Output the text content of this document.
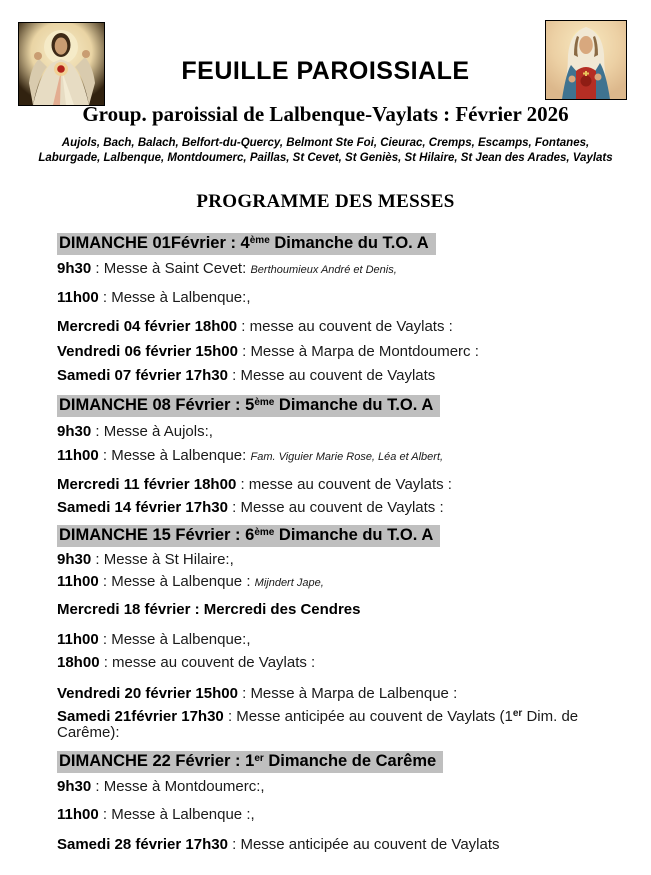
FEUILLE PAROISSIALE
Group. paroissial de Lalbenque-Vaylats : Février 2026
Aujols, Bach, Balach, Belfort-du-Quercy, Belmont Ste Foi, Cieurac, Cremps, Escamps, Fontanes,
Laburgade, Lalbenque, Montdoumerc, Paillas, St Cevet, St Geniès, St Hilaire, St Jean des Arades, Vaylats
PROGRAMME DES MESSES

DIMANCHE 01Février : 4ème Dimanche du T.O. A

9h30 : Messe à Saint Cevet: Berthoumieux André et Denis,

11h00 : Messe à Lalbenque:,

Mercredi 04 février 18h00 : messe au couvent de Vaylats :

Vendredi 06 février 15h00 : Messe à Marpa de Montdoumerc :

Samedi 07 février 17h30 : Messe au couvent de Vaylats

DIMANCHE 08 Février : 5ème Dimanche du T.O. A

9h30 : Messe à Aujols:,

11h00 : Messe à Lalbenque: Fam. Viguier Marie Rose, Léa et Albert,

Mercredi 11 février 18h00 : messe au couvent de Vaylats :

Samedi 14 février 17h30 : Messe au couvent de Vaylats :

DIMANCHE 15 Février : 6ème Dimanche du T.O. A

9h30 : Messe à St Hilaire:,

11h00 : Messe à Lalbenque : Mijndert Jape,

Mercredi 18 février : Mercredi des Cendres

11h00 : Messe à Lalbenque:,

18h00 : messe au couvent de Vaylats :

Vendredi 20 février 15h00 : Messe à Marpa de Lalbenque :

Samedi 21février 17h30 : Messe anticipée au couvent de Vaylats (1er Dim. de Carême):

DIMANCHE 22 Février : 1er Dimanche de Carême

9h30 : Messe à Montdoumerc:,

11h00 : Messe à Lalbenque :,

Samedi 28 février 17h30 : Messe anticipée au couvent de Vaylats
